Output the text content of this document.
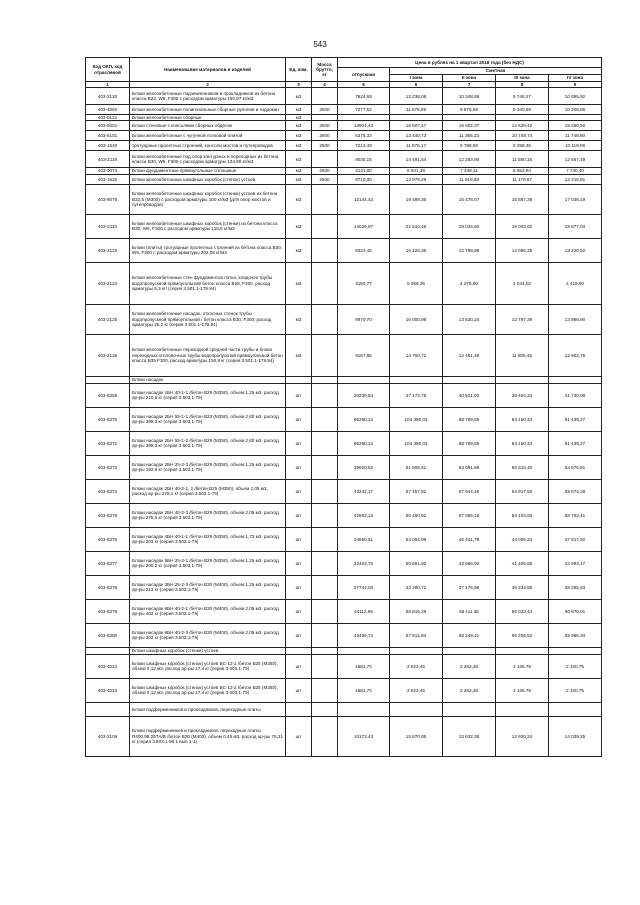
543
Код ОКП, код отраслевой	Наименование материалов и изделий	Ед. изм.	Масса брутто, кг	Цена в рублях на 1 квартал 2018 года (без НДС)				
				отпускная	Сметная			
					I зона	II зона	III зона	IV зона
1	2	3	4	5	6	7	8	9
403-2120	Блоки железобетонные подземленников и прокладников из бетона класса В22, W6, F300 с расходом арматуры 156,97 кг/м3	м3		7624,69	12 236,08	10 348,68	9 746,27	10 695,92
403-4060	Блоки железобетонные полигональные сборные рулонов и гидрокан	м3	2500	7277,52	11 678,95	9 875,59	9 340,69	10 208,85
403-0121	Блоки железобетонные сборные	м3						
403-5001	Блоки стеновые с консолями сборных обделок	м3	2500	13904,43	16 507,47	16 802,37	14 626,42	15 250,92
403-5101	Блоки железобетонные с чугунной лотковой плитой	м3	2500	6375,33	13 440,73	11 365,33	10 749,74	11 748,80
403-1540	тротуарные пролетных строений, консоли мостов и путепроводов	м3	2500	7213,49	11 576,17	9 788,69	9 258,48	10 119,08
403-2119	Блоки железобетонные под опор контурных и переходных из бетона класса В30, W6, F300 с расходом арматуры 134,90 кг/м3	м3		9030,15	14 491,54	12 253,90	11 590,15	12 667,49
403-0074	Блоки фундаментные прямоугольные сплошные	м3	2500	4141,00	6 641,38	7 348,11	6 652,94	7 740,40
403-1520	Блоки железобетонные шкафных коробок (стенок) устоев	м3	2500	8710,30	13 978,29	11 819,88	11 179,67	12 218,81
403-9075	Блоки железобетонные шкафных коробок (стенки) устоев из бетона В22,5 (М300) с расходом арматуры 100 кг/м3 (для опор мостов и путепроводов)	м3		12144,42	19 489,36	15 478,07	15 587,36	17 036,19
403-2110	Блоки железобетонные шкафных коробок (стенки) из бетона класса В30, W6, F300 с расходом арматуры 115,5 кг/м3	м3		14026,97	22 510,49	19 034,60	18 003,62	19 677,04
403-2123	Блоки (плиты) тротуарные пролетных строений из бетона класса В30, W6, F300 с расходом арматуры 202,08 кг/м3	м3		9424,45	15 124,36	12 788,98	12 096,25	13 220,52
403-2124	Блоки железобетонные стен фундаментов потка, кладочек трубы водопропускной прямоугольной/ бетон класса В28, F300, расход арматуры 5,3 кг/ (серия 3.501.1-179.94)	м3		3150,77	5 056,36	4 275,60	4 044,02	4 419,90
403-2125	Блоки железобетонные насадок, откосных стенок трубы водопропускной прямоугольной / бетон класса В30, F300, расход арматуры 25,2 кг (серия 3.501.1-179.94)	м3		9970,70	16 000,98	13 530,24	12 797,39	13 966,90
403-2126	Блоки железобетонные переходной средней части трубы и блоки переходных оголовочных трубы водопропускной прямоугольной бетон класса В35 F300, расход арматуры 150,9 кг (серия 3.501.1-179.94)	м3		9167,86	14 760,72	12 481,49	11 805,45	12 902,75
	Блоки насадок							
403-8369	Блоки насадок 1БН 40-1-1 /бетон В25 (М350), объем 1,25 м3, расход ар-ры 210,5 кг (серия 3.503.1-79)	шт		30239,54	47 173,75	40 521,03	38 404,24	41 730,08
403-8370	Блоки насадок 2БН 55-1-1 /бетон В23 (М350), объем 2,60 м3, расход ар-ры 398,3 кг (серия 3.503.1-79)	шт		66260,24	103 386,03	88 789,65	84 150,43	91 439,27
403-8371	Блоки насадок 2БН 55-1-2 /бетон В25 (М350), объем 2,60 м3, расход ар-ры 398,3 кг (серия 3.503.1-79)	шт		66260,24	103 386,03	88 789,65	84 150,43	91 439,27
403-8372	Блоки насадок 2БН 25-2-3 /бетон В25 (М350), объем 1,25 м3, расход ар-ры 192,6 кг (серия 3.503.1-79)	шт		39620,82	61 808,51	53 091,89	50 316,40	54 676,81
403-8374	Блоки насадок 2БН 40-2-1, 2 /бетон В25 (М350), объем 2,05 м3, расход ар-ры 278,1 кг (серия 3.503.1-79)	шт		43242,17	67 457,82	57 944,46	54 917,50	59 674,28
403-8375	Блоки насадок 2БН 40-2-3 /бетон В25 (М350), объем 2,05 м3, расход ар-ры 275,5 кг (серия 3.503.1-79)	шт		42503,13	66 460,92	57 085,15	54 103,83	58 792,41
403-8376	Блоки насадок 4БН 40-1-1 /бетон В25 (М350), объем 1,73 м3, расход ар-ры 203 кг (серия 3.503.1-79)	шт		34650,51	54 054,99	46 431,78	44 006,24	47 817,92
403-8377	Блоки насадок 5БН 25-2-1 /бетон В25 (М350), объем 1,25 м3, расход ар-ры 200,2 кг (серия 3.503.1-79)	шт		32403,70	50 661,60	43 666,92	41 406,66	44 993,17
403-8378	Блоки насадок 3БН 25-2-3 /бетон В30 (М400), объем 1,25 м3, расход ар-ры 213 кг (серия 3.503.1-79)	шт		27744,03	43 280,72	37 176,98	35 234,69	38 285,83
403-8379	Блоки насадок 6БН 40-2-1 /бетон В30 (М400), объем 2,05 м3, расход ар-ры 402 кг (серия 3.503.1-79)	шт		44112,96	68 816,29	59 111,35	56 023,44	60 876,01
403-8380	Блоки насадок 6БН 40-2-3 /бетон В30 (М400), объем 2,05 м3, расход ар-ры 302 кг (серия 3.503.1-79)	шт		43469,74	67 812,84	58 249,41	55 206,52	59 988,34
	Блоки шкафных коробок (стенки) устоев							
403-4012	Блоки шкафных коробок (стенок) устоев БС-12-1 /бетон В25 (М350), объем 0,12 м3, расход ар-ры 17,4 кг (серия 3.503.1-79)	шт		1681,70	2 623,46	2 253,48	2 135,78	2 320,75
403-4013	Блоки шкафных коробок (стенок) устоев БС-12-2 /бетон В25 (М350), объем 0,12 м3, расход ар-ры 17,4 кг (серия 3.503.1-79)	шт		1681,70	2 623,46	2 253,48	2 135,78	2 320,75
	Блоки подферменников и прокладников, переходные плиты							
403-2106	Блоки подферменников и прокладников, переходные плиты П400.98.25ТА/В /бетон В30 (М400), объем 0,45 м3, расход ар-ры 76,31 кг (серия 3.503.1-96.1 вып.1-1)	шт		10173,43	15 870,85	13 632,38	12 920,24	14 039,25
